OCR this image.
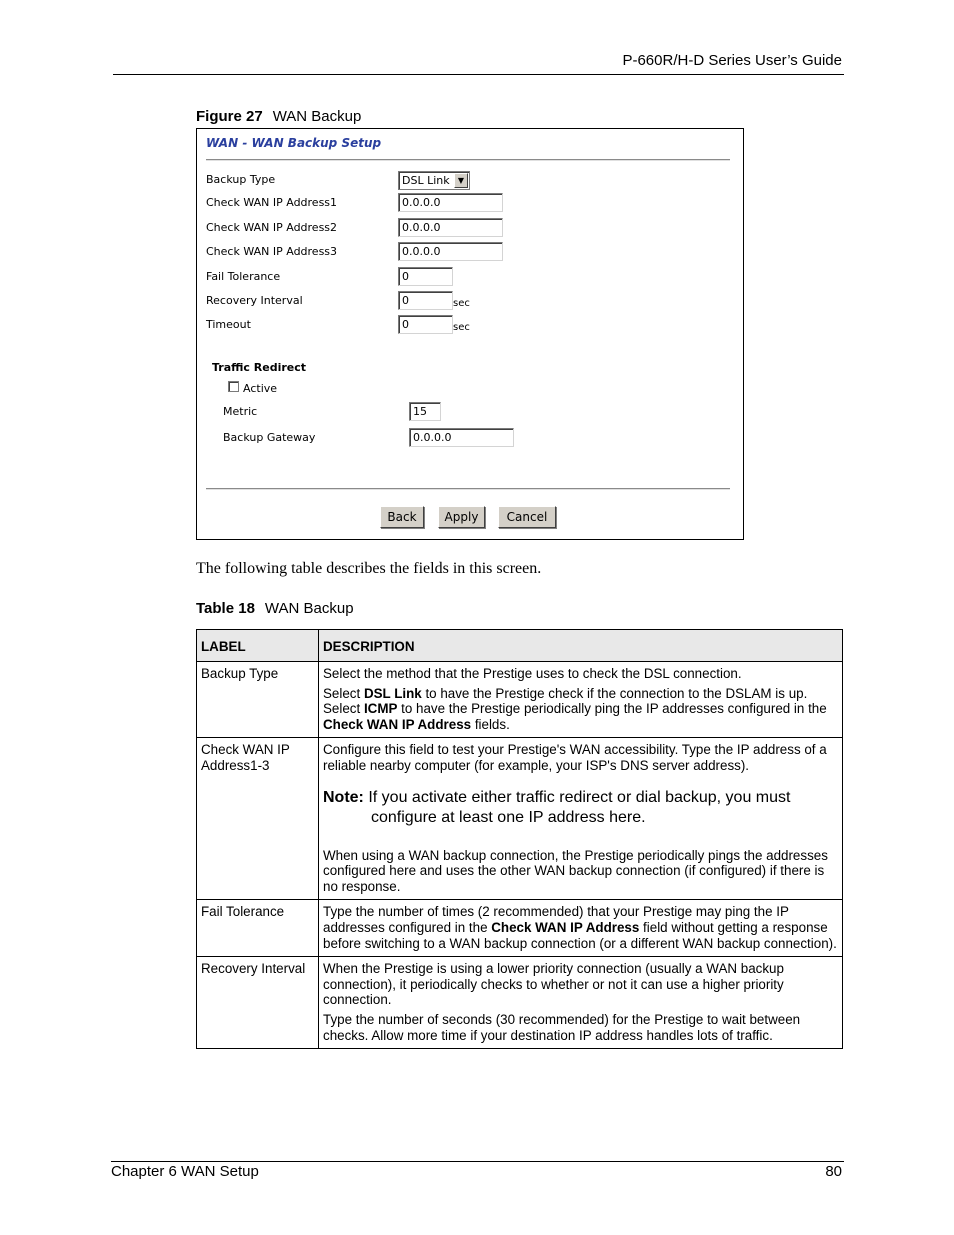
P-660R/H-D Series User’s Guide
Figure 27 WAN Backup
WAN - WAN Backup Setup
Backup Type	DSL Link	▼
Check WAN IP Address1	0.0.0.0
Check WAN IP Address2	0.0.0.0
Check WAN IP Address3	0.0.0.0
Fail Tolerance	0
Recovery Interval	0	sec
Timeout	0	sec
Traffic Redirect
Active
Metric	15
Backup Gateway	0.0.0.0
Back	Apply	Cancel
The following table describes the fields in this screen.
Table 18 WAN Backup
LABEL	DESCRIPTION
Backup Type	Select the method that the Prestige uses to check the DSL connection.

Select DSL Link to have the Prestige check if the connection to the DSLAM is up. Select ICMP to have the Prestige periodically ping the IP addresses configured in the Check WAN IP Address fields.

Check WAN IP Address1-3	Configure this field to test your Prestige's WAN accessibility. Type the IP address of a reliable nearby computer (for example, your ISP's DNS server address).

Note: If you activate either traffic redirect or dial backup, you must configure at least one IP address here.

When using a WAN backup connection, the Prestige periodically pings the addresses configured here and uses the other WAN backup connection (if configured) if there is no response.

Fail Tolerance	Type the number of times (2 recommended) that your Prestige may ping the IP addresses configured in the Check WAN IP Address field without getting a response before switching to a WAN backup connection (or a different WAN backup connection).

Recovery Interval	When the Prestige is using a lower priority connection (usually a WAN backup connection), it periodically checks to whether or not it can use a higher priority connection.

Type the number of seconds (30 recommended) for the Prestige to wait between checks. Allow more time if your destination IP address handles lots of traffic.

Chapter 6 WAN Setup	80
